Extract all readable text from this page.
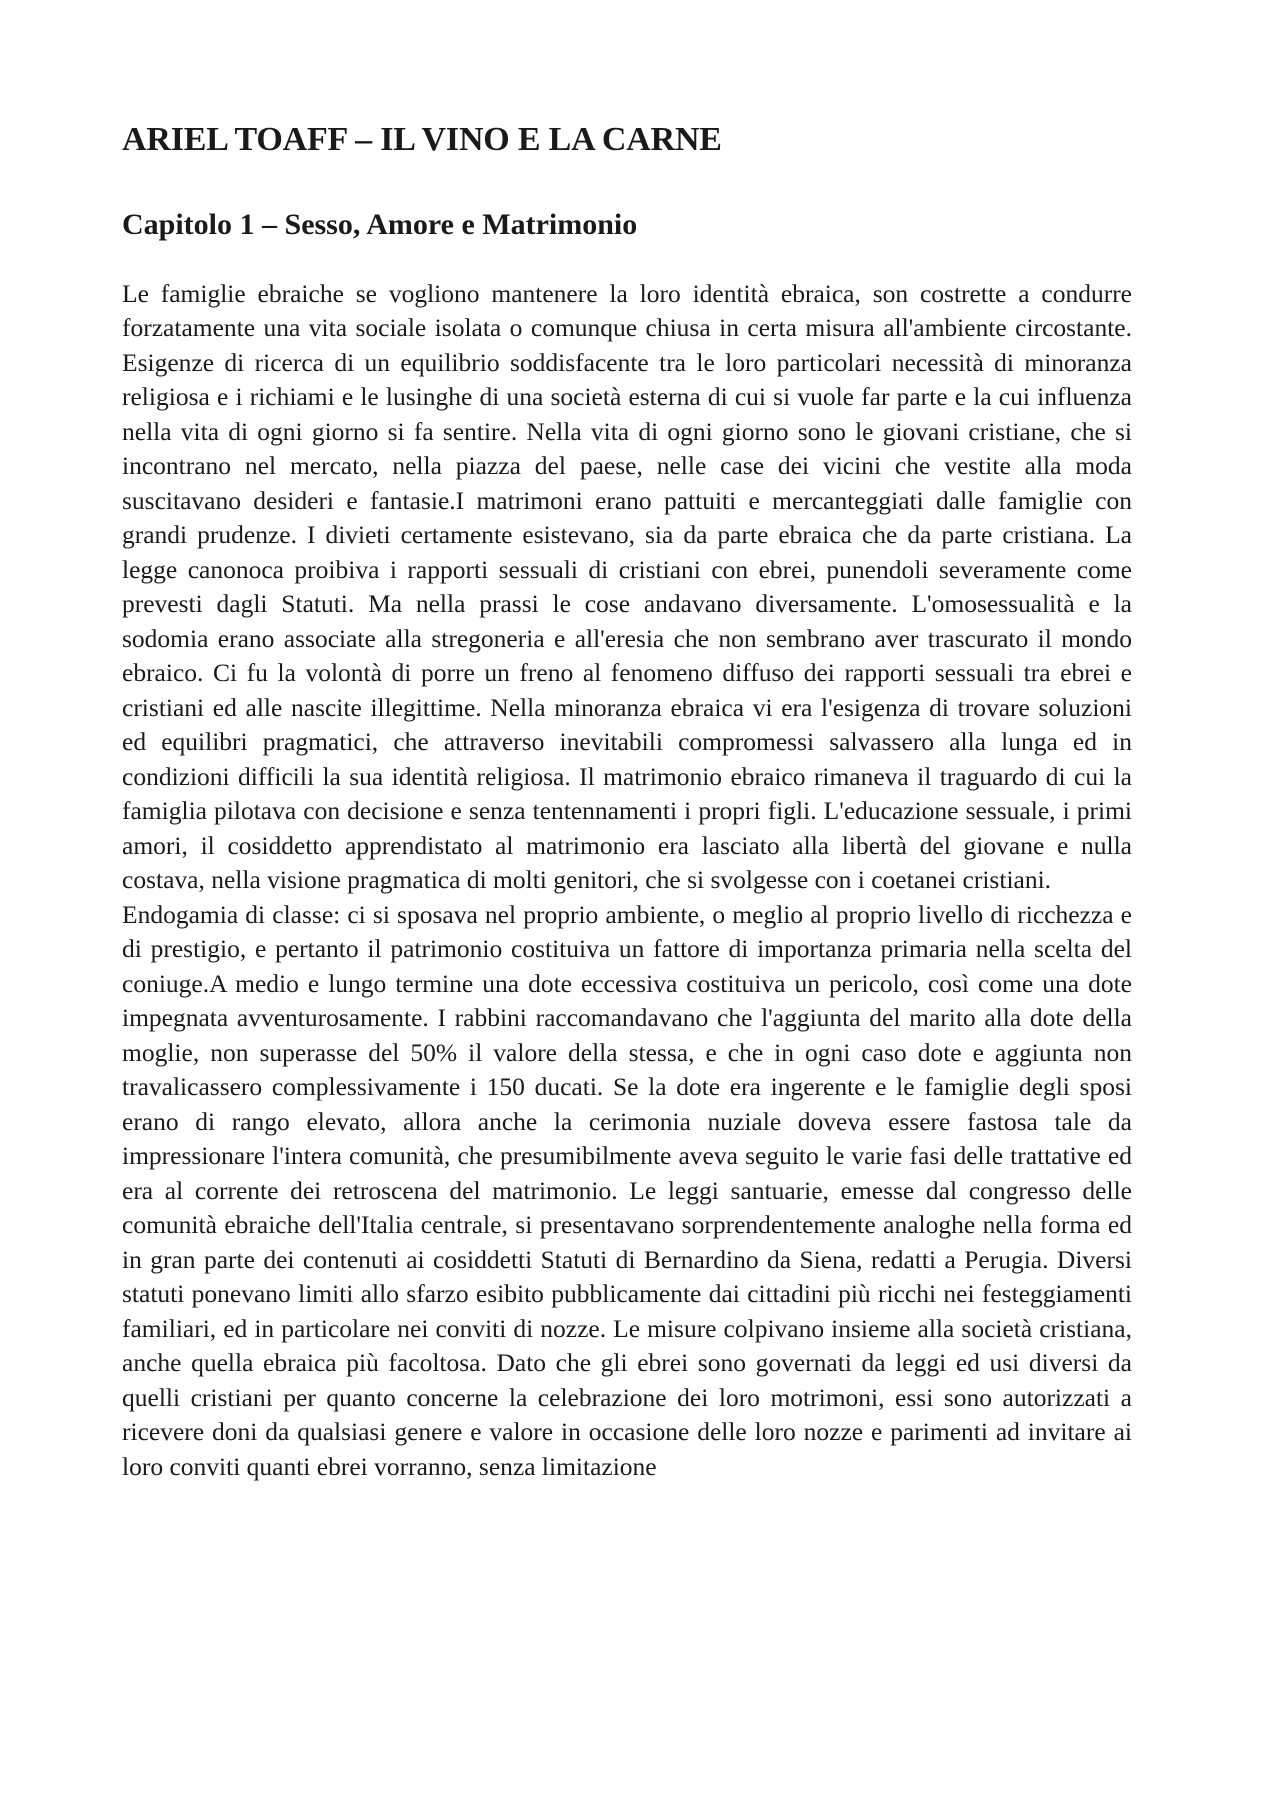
ARIEL TOAFF – IL VINO E LA CARNE
Capitolo 1 – Sesso, Amore e Matrimonio

Le famiglie ebraiche se vogliono mantenere la loro identità ebraica, son costrette a condurre forzatamente una vita sociale isolata o comunque chiusa in certa misura all'ambiente circostante. Esigenze di ricerca di un equilibrio soddisfacente tra le loro particolari necessità di minoranza religiosa e i richiami e le lusinghe di una società esterna di cui si vuole far parte e la cui influenza nella vita di ogni giorno si fa sentire. Nella vita di ogni giorno sono le giovani cristiane, che si incontrano nel mercato, nella piazza del paese, nelle case dei vicini che vestite alla moda suscitavano desideri e fantasie.I matrimoni erano pattuiti e mercanteggiati dalle famiglie con grandi prudenze. I divieti certamente esistevano, sia da parte ebraica che da parte cristiana. La legge canonoca proibiva i rapporti sessuali di cristiani con ebrei, punendoli severamente come prevesti dagli Statuti. Ma nella prassi le cose andavano diversamente. L'omosessualità e la sodomia erano associate alla stregoneria e all'eresia che non sembrano aver trascurato il mondo ebraico. Ci fu la volontà di porre un freno al fenomeno diffuso dei rapporti sessuali tra ebrei e cristiani ed alle nascite illegittime. Nella minoranza ebraica vi era l'esigenza di trovare soluzioni ed equilibri pragmatici, che attraverso inevitabili compromessi salvassero alla lunga ed in condizioni difficili la sua identità religiosa. Il matrimonio ebraico rimaneva il traguardo di cui la famiglia pilotava con decisione e senza tentennamenti i propri figli. L'educazione sessuale, i primi amori, il cosiddetto apprendistato al matrimonio era lasciato alla libertà del giovane e nulla costava, nella visione pragmatica di molti genitori, che si svolgesse con i coetanei cristiani.

Endogamia di classe: ci si sposava nel proprio ambiente, o meglio al proprio livello di ricchezza e di prestigio, e pertanto il patrimonio costituiva un fattore di importanza primaria nella scelta del coniuge.A medio e lungo termine una dote eccessiva costituiva un pericolo, così come una dote impegnata avventurosamente. I rabbini raccomandavano che l'aggiunta del marito alla dote della moglie, non superasse del 50% il valore della stessa, e che in ogni caso dote e aggiunta non travalicassero complessivamente i 150 ducati. Se la dote era ingerente e le famiglie degli sposi erano di rango elevato, allora anche la cerimonia nuziale doveva essere fastosa tale da impressionare l'intera comunità, che presumibilmente aveva seguito le varie fasi delle trattative ed era al corrente dei retroscena del matrimonio. Le leggi santuarie, emesse dal congresso delle comunità ebraiche dell'Italia centrale, si presentavano sorprendentemente analoghe nella forma ed in gran parte dei contenuti ai cosiddetti Statuti di Bernardino da Siena, redatti a Perugia. Diversi statuti ponevano limiti allo sfarzo esibito pubblicamente dai cittadini più ricchi nei festeggiamenti familiari, ed in particolare nei conviti di nozze. Le misure colpivano insieme alla società cristiana, anche quella ebraica più facoltosa. Dato che gli ebrei sono governati da leggi ed usi diversi da quelli cristiani per quanto concerne la celebrazione dei loro motrimoni, essi sono autorizzati a ricevere doni da qualsiasi genere e valore in occasione delle loro nozze e parimenti ad invitare ai loro conviti quanti ebrei vorranno, senza limitazione
